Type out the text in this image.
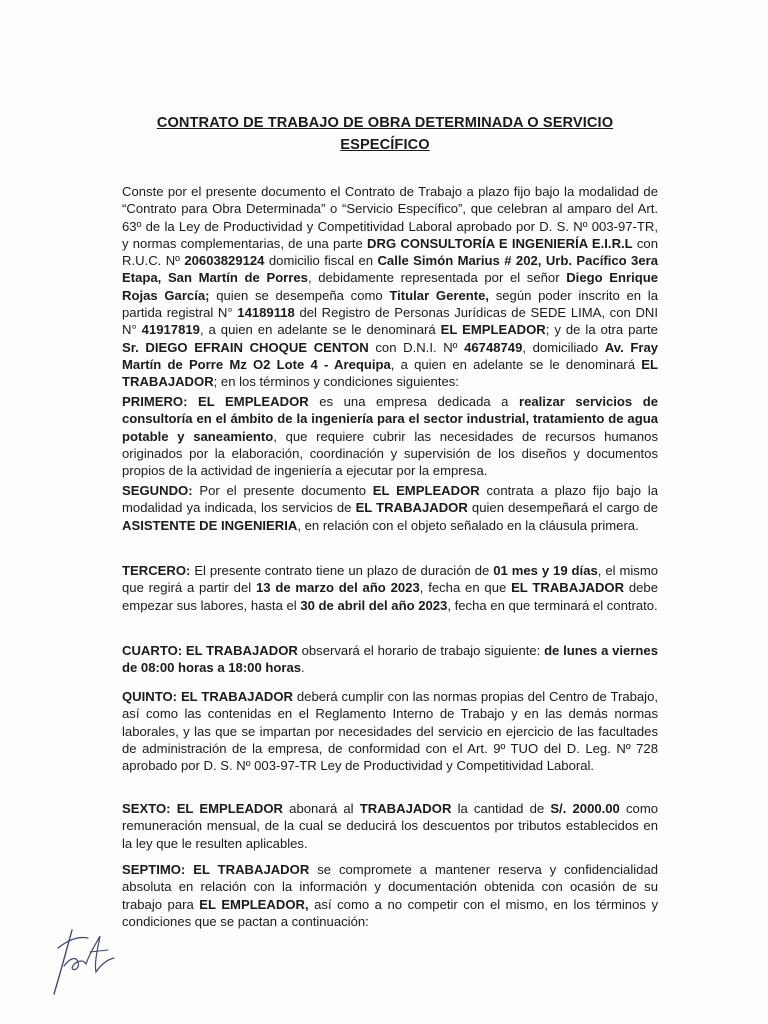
CONTRATO DE TRABAJO DE OBRA DETERMINADA O SERVICIO
ESPECÍFICO

Conste por el presente documento el Contrato de Trabajo a plazo fijo bajo la modalidad de “Contrato para Obra Determinada” o “Servicio Específico”, que celebran al amparo del Art. 63º de la Ley de Productividad y Competitividad Laboral aprobado por D. S. Nº 003-97-TR, y normas complementarias, de una parte DRG CONSULTORÍA E INGENIERÍA E.I.R.L con R.U.C. Nº 20603829124 domicilio fiscal en Calle Simón Marius # 202, Urb. Pacífico 3era Etapa, San Martín de Porres, debidamente representada por el señor Diego Enrique Rojas García; quien se desempeña como Titular Gerente, según poder inscrito en la partida registral N° 14189118 del Registro de Personas Jurídicas de SEDE LIMA, con DNI N° 41917819, a quien en adelante se le denominará EL EMPLEADOR; y de la otra parte Sr. DIEGO EFRAIN CHOQUE CENTON con D.N.I. Nº 46748749, domiciliado Av. Fray Martín de Porre Mz O2 Lote 4 - Arequipa, a quien en adelante se le denominará EL TRABAJADOR; en los términos y condiciones siguientes:

PRIMERO: EL EMPLEADOR es una empresa dedicada a realizar servicios de consultoría en el ámbito de la ingeniería para el sector industrial, tratamiento de agua potable y saneamiento, que requiere cubrir las necesidades de recursos humanos originados por la elaboración, coordinación y supervisión de los diseños y documentos propios de la actividad de ingeniería a ejecutar por la empresa.

SEGUNDO: Por el presente documento EL EMPLEADOR contrata a plazo fijo bajo la modalidad ya indicada, los servicios de EL TRABAJADOR quien desempeñará el cargo de ASISTENTE DE INGENIERIA, en relación con el objeto señalado en la cláusula primera.

TERCERO: El presente contrato tiene un plazo de duración de 01 mes y 19 días, el mismo que regirá a partir del 13 de marzo del año 2023, fecha en que EL TRABAJADOR debe empezar sus labores, hasta el 30 de abril del año 2023, fecha en que terminará el contrato.

CUARTO: EL TRABAJADOR observará el horario de trabajo siguiente: de lunes a viernes de 08:00 horas a 18:00 horas.

QUINTO: EL TRABAJADOR deberá cumplir con las normas propias del Centro de Trabajo, así como las contenidas en el Reglamento Interno de Trabajo y en las demás normas laborales, y las que se impartan por necesidades del servicio en ejercicio de las facultades de administración de la empresa, de conformidad con el Art. 9º TUO del D. Leg. Nº 728 aprobado por D. S. Nº 003-97-TR Ley de Productividad y Competitividad Laboral.

SEXTO: EL EMPLEADOR abonará al TRABAJADOR la cantidad de S/. 2000.00 como remuneración mensual, de la cual se deducirá los descuentos por tributos establecidos en la ley que le resulten aplicables.

SEPTIMO: EL TRABAJADOR se compromete a mantener reserva y confidencialidad absoluta en relación con la información y documentación obtenida con ocasión de su trabajo para EL EMPLEADOR, así como a no competir con el mismo, en los términos y condiciones que se pactan a continuación:
